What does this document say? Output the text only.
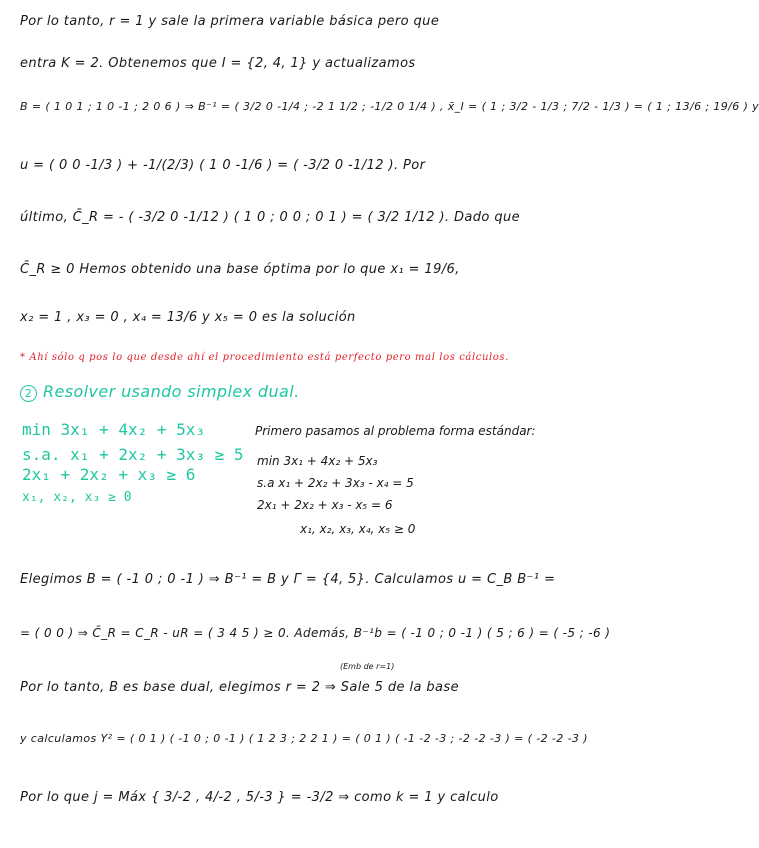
Por lo tanto, r = 1 y sale la primera variable básica pero que
entra K = 2. Obtenemos que I = {2, 4, 1} y actualizamos
B = ( 1 0 1 ; 1 0 -1 ; 2 0 6 ) ⇒ B⁻¹ = ( 3/2 0 -1/4 ; -2 1 1/2 ; -1/2 0 1/4 ) , x̄_I = ( 1 ; 3/2 - 1/3 ; 7/2 - 1/3 ) = ( 1 ; 13/6 ; 19/6 ) y
u = ( 0 0 -1/3 ) + -1/(2/3) ( 1 0 -1/6 ) = ( -3/2 0 -1/12 ). Por
último, C̄_R = - ( -3/2 0 -1/12 ) ( 1 0 ; 0 0 ; 0 1 ) = ( 3/2 1/12 ). Dado que
C̄_R ≥ 0 Hemos obtenido una base óptima por lo que x₁ = 19/6,
x₂ = 1 , x₃ = 0 , x₄ = 13/6 y x₅ = 0 es la solución
* Ahí sólo q pos lo que desde ahí el procedimiento está perfecto pero mal los cálculos.
2 Resolver usando simplex dual.
min 3x₁ + 4x₂ + 5x₃
s.a. x₁ + 2x₂ + 3x₃ ≥ 5
2x₁ + 2x₂ + x₃ ≥ 6
x₁, x₂, x₃ ≥ 0
Primero pasamos al problema forma estándar:
min 3x₁ + 4x₂ + 5x₃
s.a x₁ + 2x₂ + 3x₃ - x₄ = 5
2x₁ + 2x₂ + x₃ - x₅ = 6
x₁, x₂, x₃, x₄, x₅ ≥ 0
Elegimos B = ( -1 0 ; 0 -1 ) ⇒ B⁻¹ = B y Γ = {4, 5}. Calculamos u = C_B B⁻¹ =
= ( 0 0 ) ⇒ C̄_R = C_R - uR = ( 3 4 5 ) ≥ 0. Además, B⁻¹b = ( -1 0 ; 0 -1 ) ( 5 ; 6 ) = ( -5 ; -6 )
(Emb de r=1)
Por lo tanto, B es base dual, elegimos r = 2 ⇒ Sale 5 de la base
y calculamos Y² = ( 0 1 ) ( -1 0 ; 0 -1 ) ( 1 2 3 ; 2 2 1 ) = ( 0 1 ) ( -1 -2 -3 ; -2 -2 -3 ) = ( -2 -2 -3 )
Por lo que j = Máx { 3/-2 , 4/-2 , 5/-3 } = -3/2 ⇒ como k = 1 y calculo
